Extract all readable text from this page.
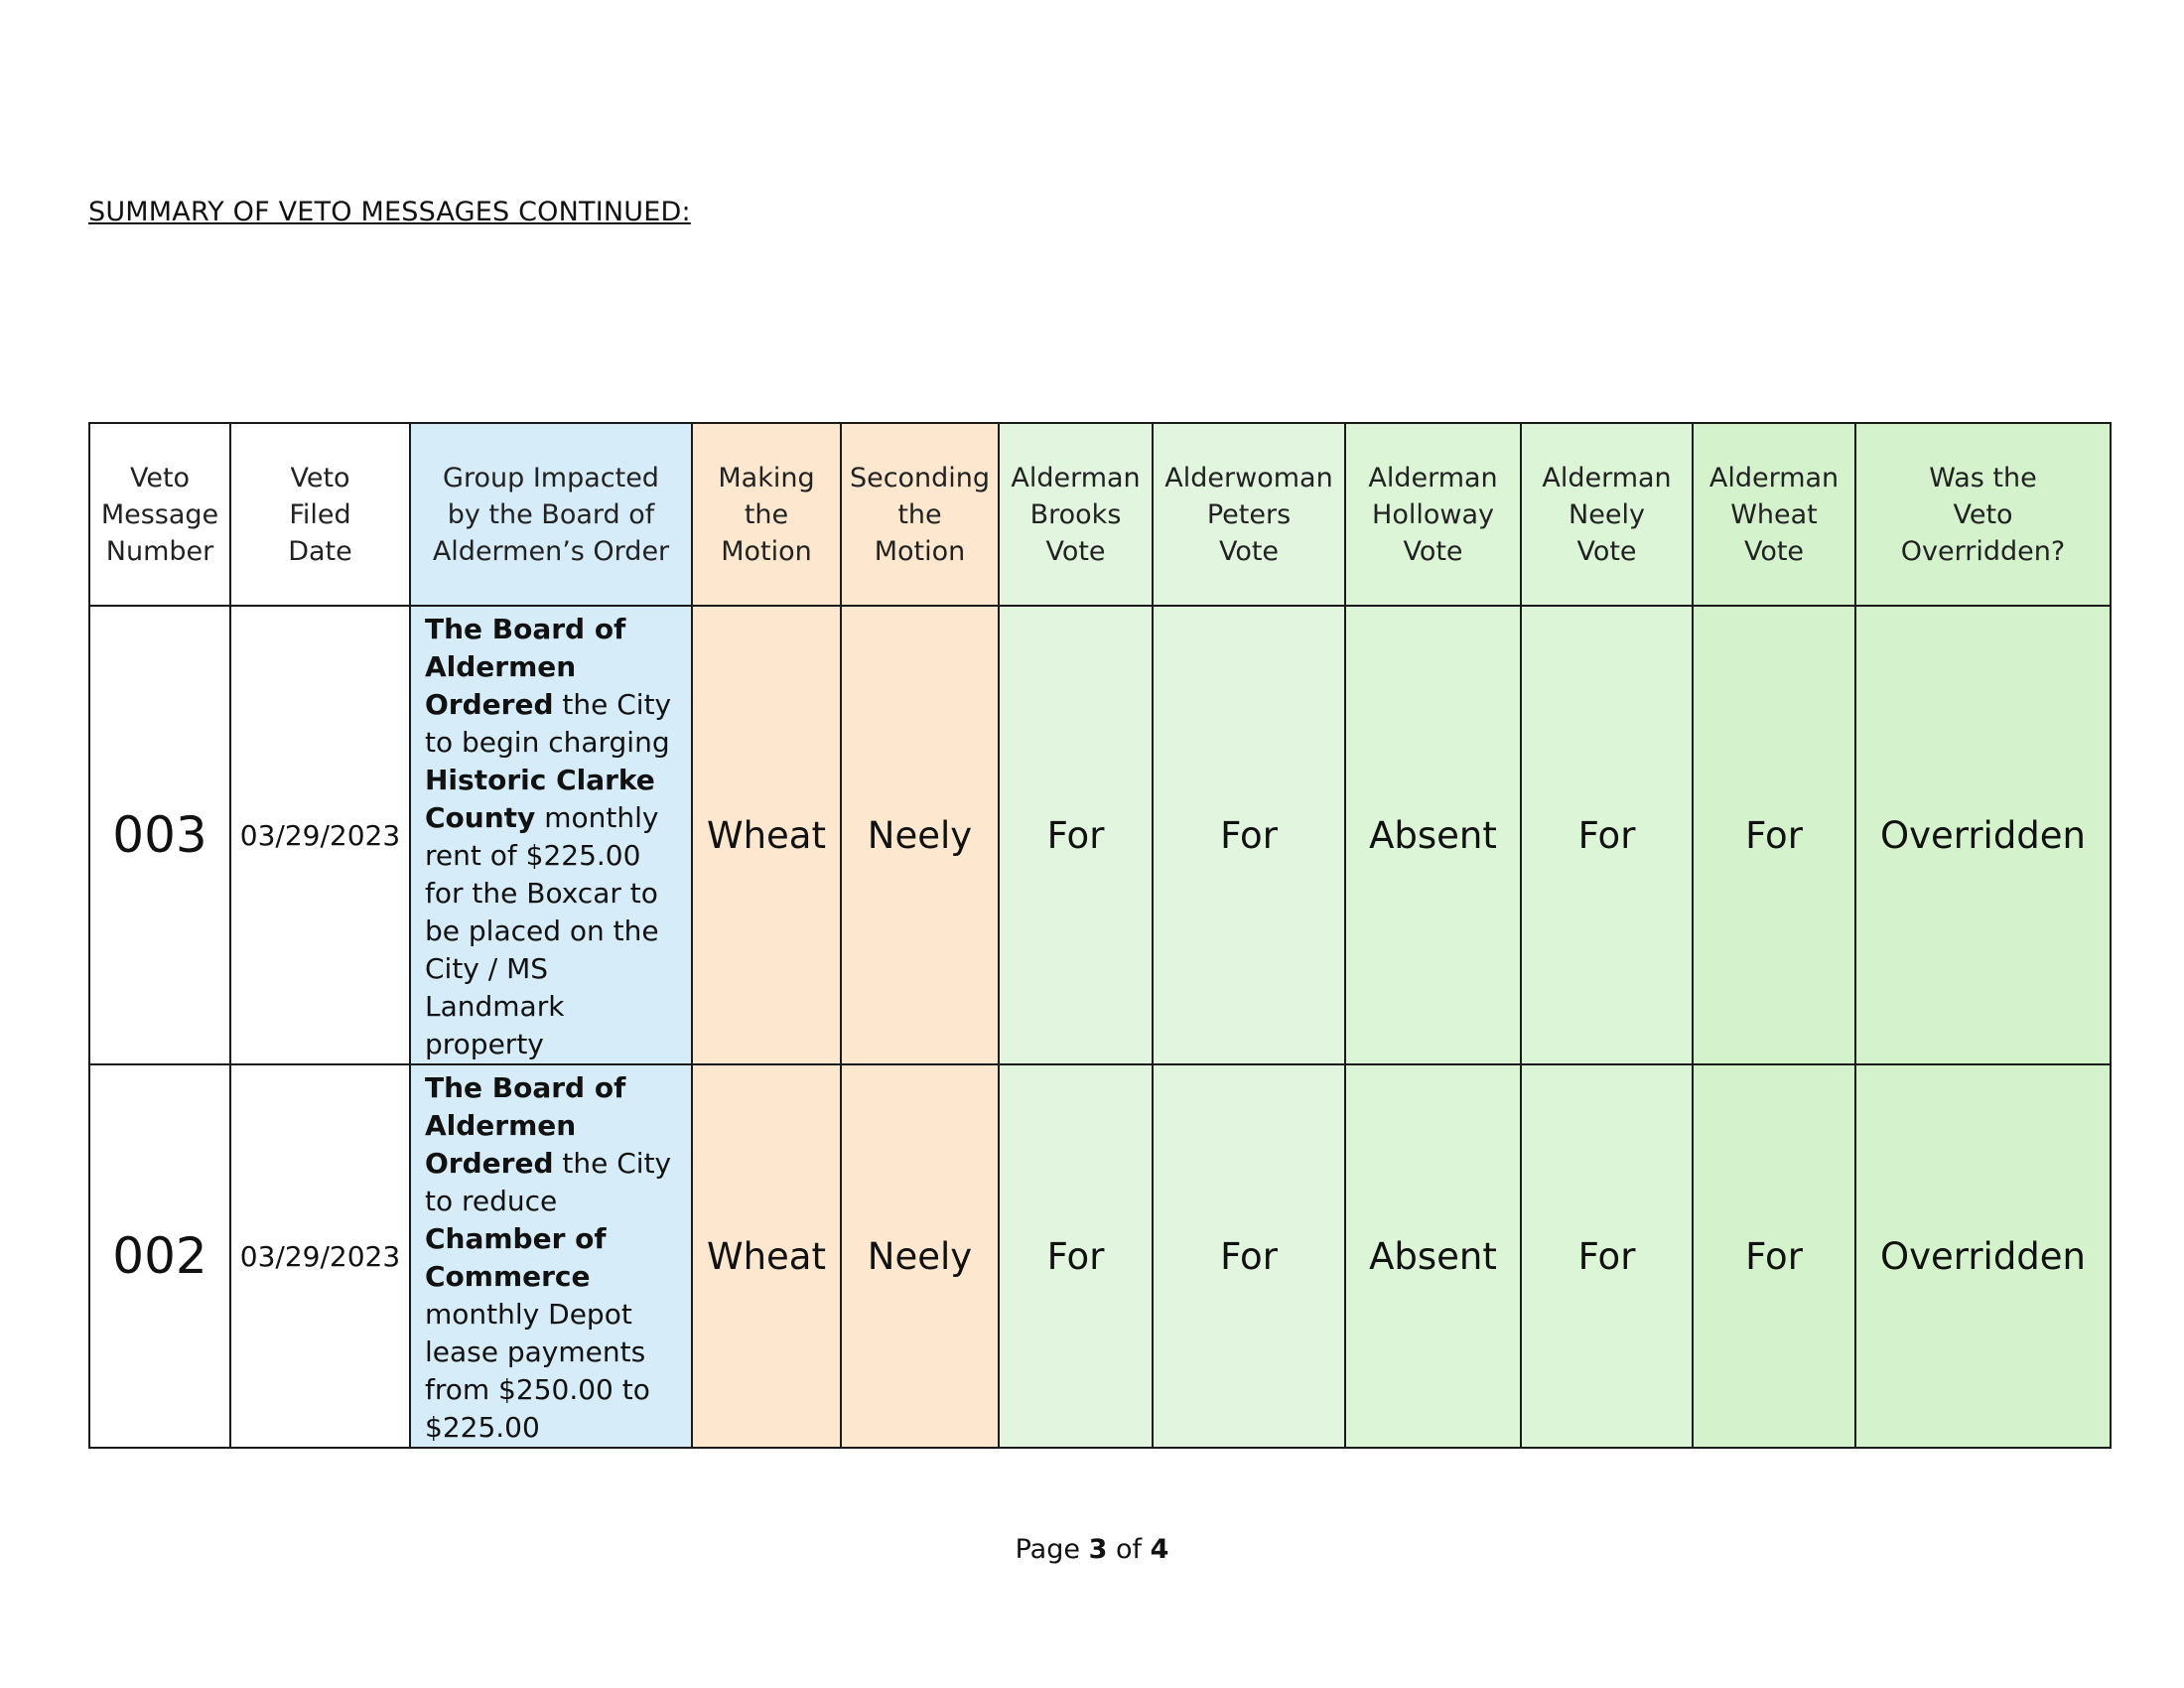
SUMMARY OF VETO MESSAGES CONTINUED:
Veto
Message
Number	Veto
Filed
Date	Group Impacted
by the Board of
Aldermen’s Order	Making
the
Motion	Seconding
the
Motion	Alderman
Brooks
Vote	Alderwoman
Peters
Vote	Alderman
Holloway
Vote	Alderman
Neely
Vote	Alderman
Wheat
Vote	Was the
Veto
Overridden?

003	03/29/2023	The Board of Aldermen Ordered the City to begin charging Historic Clarke County monthly rent of $225.00 for the Boxcar to be placed on the City / MS Landmark property	Wheat	Neely	For	For	Absent	For	For	Overridden
002	03/29/2023	The Board of Aldermen Ordered the City to reduce Chamber of Commerce monthly Depot lease payments from $250.00 to $225.00	Wheat	Neely	For	For	Absent	For	For	Overridden
Page 3 of 4
